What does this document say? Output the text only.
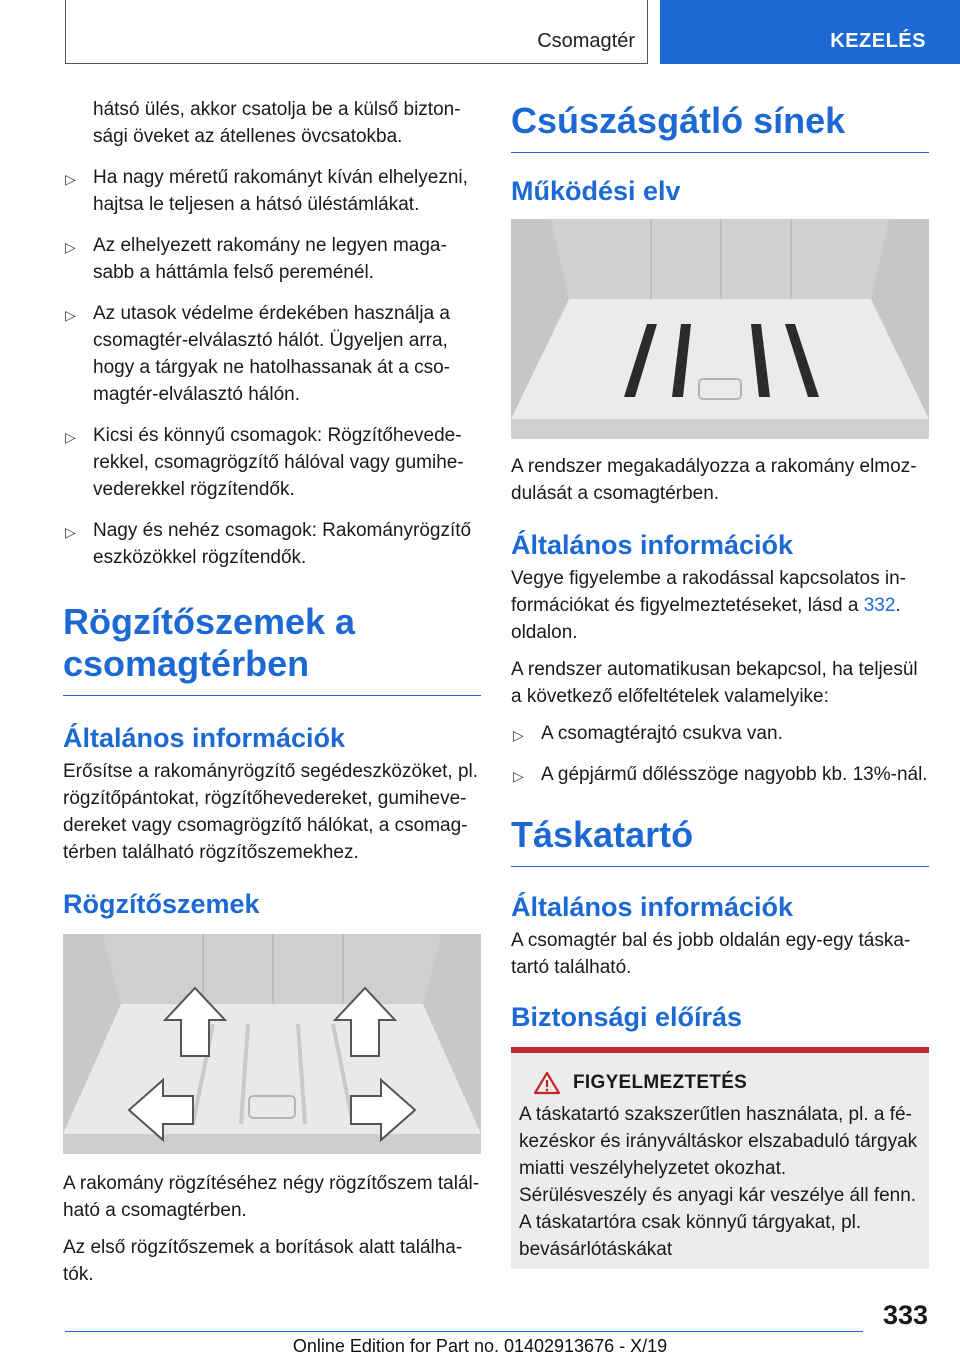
Csomagtér	KEZELÉS

hátsó ülés, akkor csatolja be a külső bizton‐sági öveket az átellenes övcsatokba.

▷ Ha nagy méretű rakományt kíván elhelyezni, hajtsa le teljesen a hátsó üléstámlákat.
▷ Az elhelyezett rakomány ne legyen maga‐sabb a háttámla felső pereménél.
▷ Az utasok védelme érdekében használja a csomagtér-elválasztó hálót. Ügyeljen arra, hogy a tárgyak ne hatolhassanak át a cso‐magtér-elválasztó hálón.
▷ Kicsi és könnyű csomagok: Rögzítőhevede‐rekkel, csomagrögzítő hálóval vagy gumihe‐vederekkel rögzítendők.
▷ Nagy és nehéz csomagok: Rakományrögzítő eszközökkel rögzítendők.
Rögzítőszemek a csomagtérben
Általános információk

Erősítse a rakományrögzítő segédeszközöket, pl. rögzítőpántokat, rögzítőhevedereket, gumiheve‐dereket vagy csomagrögzítő hálókat, a csomag‐térben található rögzítőszemekhez.

Rögzítőszemek

A rakomány rögzítéséhez négy rögzítőszem talál‐ható a csomagtérben.

Az első rögzítőszemek a borítások alatt találha‐tók.

Csúszásgátló sínek
Működési elv

A rendszer megakadályozza a rakomány elmoz‐dulását a csomagtérben.

Általános információk

Vegye figyelembe a rakodással kapcsolatos in‐formációkat és figyelmeztetéseket, lásd a 332. oldalon.

A rendszer automatikusan bekapcsol, ha teljesül a következő előfeltételek valamelyike:

▷ A csomagtérajtó csukva van.
▷ A gépjármű dőlésszöge nagyobb kb. 13%-nál.
Táskatartó
Általános információk

A csomagtér bal és jobb oldalán egy-egy táska‐tartó található.

Biztonsági előírás
FIGYELMEZTETÉS

A táskatartó szakszerűtlen használata, pl. a fé‐kezéskor és irányváltáskor elszabaduló tárgyak miatti veszélyhelyzetet okozhat. Sérülésveszély és anyagi kár veszélye áll fenn. A táskatartóra csak könnyű tárgyakat, pl. bevásárlótáskákat

333
Online Edition for Part no. 01402913676 - X/19
